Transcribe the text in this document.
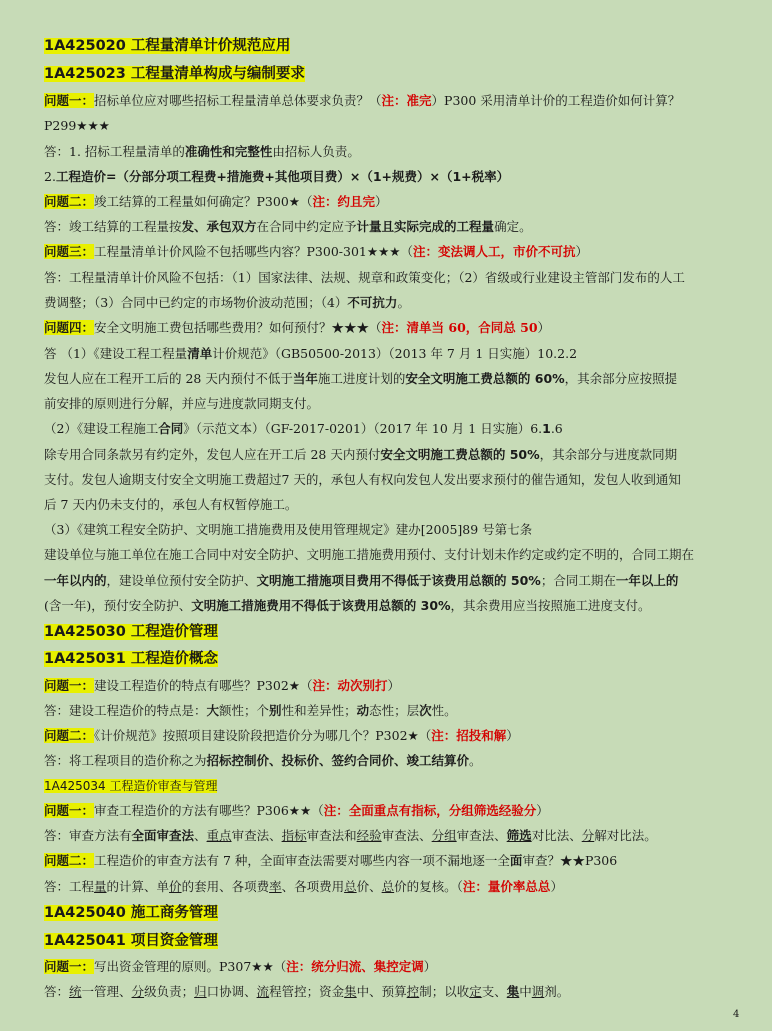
1A425020 工程量清单计价规范应用
1A425023 工程量清单构成与编制要求
问题一：招标单位应对哪些招标工程量清单总体要求负责？（注：准完）P300 采用清单计价的工程造价如何计算？
P299★★★
答：1. 招标工程量清单的准确性和完整性由招标人负责。
2.工程造价=（分部分项工程费+措施费+其他项目费）×（1+规费）×（1+税率）
问题二：竣工结算的工程量如何确定？P300★（注：约且完）
答：竣工结算的工程量按发、承包双方在合同中约定应予计量且实际完成的工程量确定。
问题三：工程量清单计价风险不包括哪些内容？P300-301★★★（注：变法调人工，市价不可抗）
答：工程量清单计价风险不包括：（1）国家法律、法规、规章和政策变化；（2）省级或行业建设主管部门发布的人工
费调整；（3）合同中已约定的市场物价波动范围；（4）不可抗力。
问题四：安全文明施工费包括哪些费用？如何预付？★★★（注：清单当 60，合同总 50）
答 （1）《建设工程工程量清单计价规范》（GB50500-2013）（2013 年 7 月 1 日实施）10.2.2
发包人应在工程开工后的 28 天内预付不低于当年施工进度计划的安全文明施工费总额的 60%，其余部分应按照提
前安排的原则进行分解，并应与进度款同期支付。
（2）《建设工程施工合同》（示范文本）（GF-2017-0201）（2017 年 10 月 1 日实施）6.1.6
除专用合同条款另有约定外，发包人应在开工后 28 天内预付安全文明施工费总额的 50%，其余部分与进度款同期
支付。发包人逾期支付安全文明施工费超过7 天的，承包人有权向发包人发出要求预付的催告通知，发包人收到通知
后 7 天内仍未支付的，承包人有权暂停施工。
（3）《建筑工程安全防护、文明施工措施费用及使用管理规定》建办[2005]89 号第七条
建设单位与施工单位在施工合同中对安全防护、文明施工措施费用预付、支付计划未作约定或约定不明的，合同工期在
一年以内的，建设单位预付安全防护、文明施工措施项目费用不得低于该费用总额的 50%；合同工期在一年以上的
(含一年)，预付安全防护、文明施工措施费用不得低于该费用总额的 30%，其余费用应当按照施工进度支付。
1A425030 工程造价管理
1A425031 工程造价概念
问题一：建设工程造价的特点有哪些？P302★（注：动次别打）
答：建设工程造价的特点是：大额性；个别性和差异性；动态性；层次性。
问题二：《计价规范》按照项目建设阶段把造价分为哪几个？P302★（注：招投和解）
答：将工程项目的造价称之为招标控制价、投标价、签约合同价、竣工结算价。
1A425034 工程造价审查与管理
问题一：审查工程造价的方法有哪些？P306★★（注：全面重点有指标，分组筛选经验分）
答：审查方法有全面审查法、重点审查法、指标审查法和经验审查法、分组审查法、筛选对比法、分解对比法。
问题二：工程造价的审查方法有 7 种，全面审查法需要对哪些内容一项不漏地逐一全面审查？★★P306
答：工程量的计算、单价的套用、各项费率、各项费用总价、总价的复核。（注：量价率总总）
1A425040 施工商务管理
1A425041 项目资金管理
问题一：写出资金管理的原则。P307★★（注：统分归流、集控定调）
答：统一管理、分级负责；归口协调、流程管控；资金集中、预算控制；以收定支、集中调剂。
4
